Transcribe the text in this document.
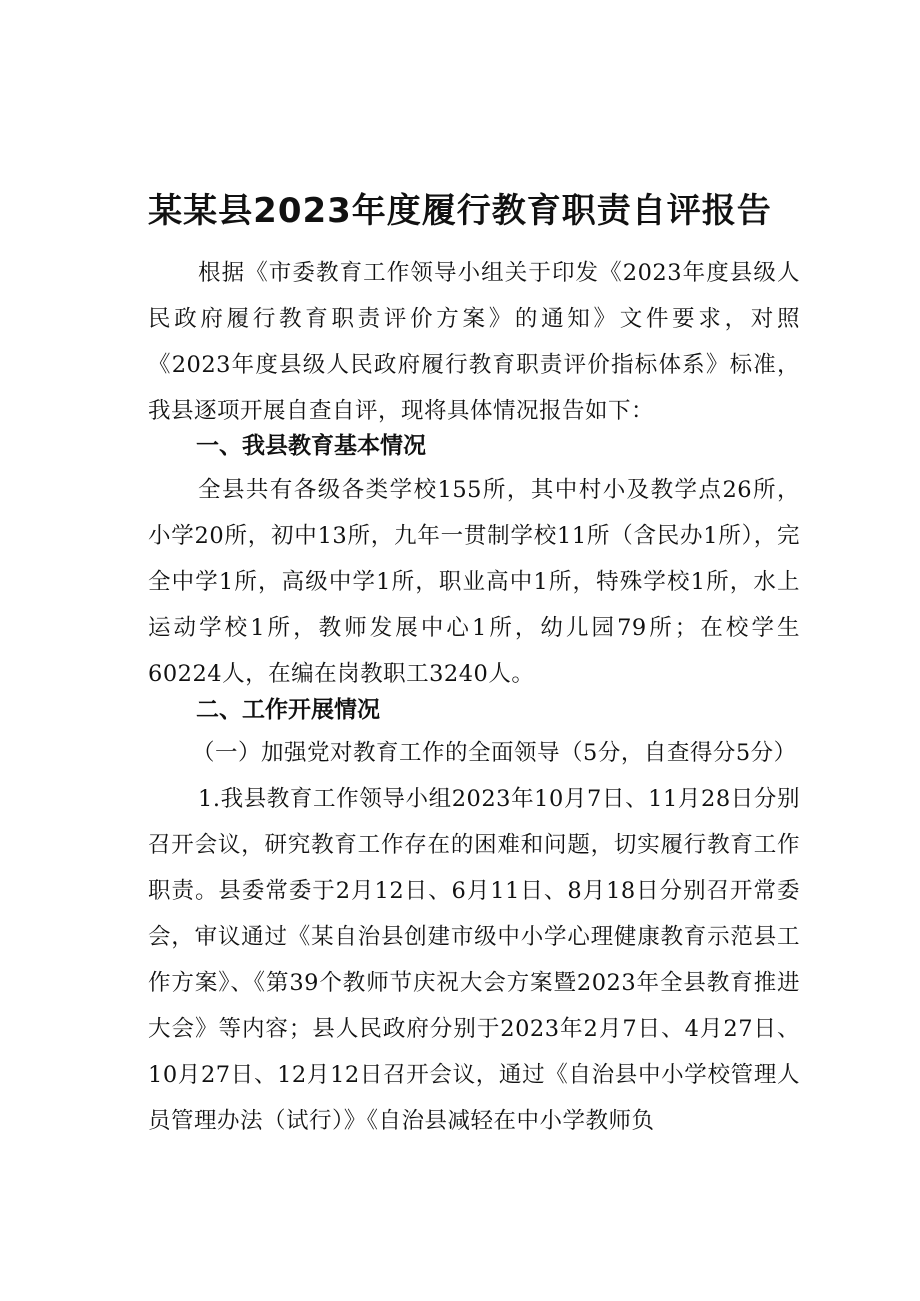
某某县2023年度履行教育职责自评报告

根据《市委教育工作领导小组关于印发《2023年度县级人民政府履行教育职责评价方案》的通知》文件要求，对照《2023年度县级人民政府履行教育职责评价指标体系》标准，我县逐项开展自查自评，现将具体情况报告如下：

一、我县教育基本情况

全县共有各级各类学校155所，其中村小及教学点26所，小学20所，初中13所，九年一贯制学校11所（含民办1所），完全中学1所，高级中学1所，职业高中1所，特殊学校1所，水上运动学校1所，教师发展中心1所，幼儿园79所；在校学生60224人，在编在岗教职工3240人。

二、工作开展情况

（一）加强党对教育工作的全面领导（5分，自查得分5分）

1.我县教育工作领导小组2023年10月7日、11月28日分别召开会议，研究教育工作存在的困难和问题，切实履行教育工作职责。县委常委于2月12日、6月11日、8月18日分别召开常委会，审议通过《某自治县创建市级中小学心理健康教育示范县工作方案》、《第39个教师节庆祝大会方案暨2023年全县教育推进大会》等内容；县人民政府分别于2023年2月7日、4月27日、10月27日、12月12日召开会议，通过《自治县中小学校管理人员管理办法（试行）》《自治县减轻在中小学教师负
